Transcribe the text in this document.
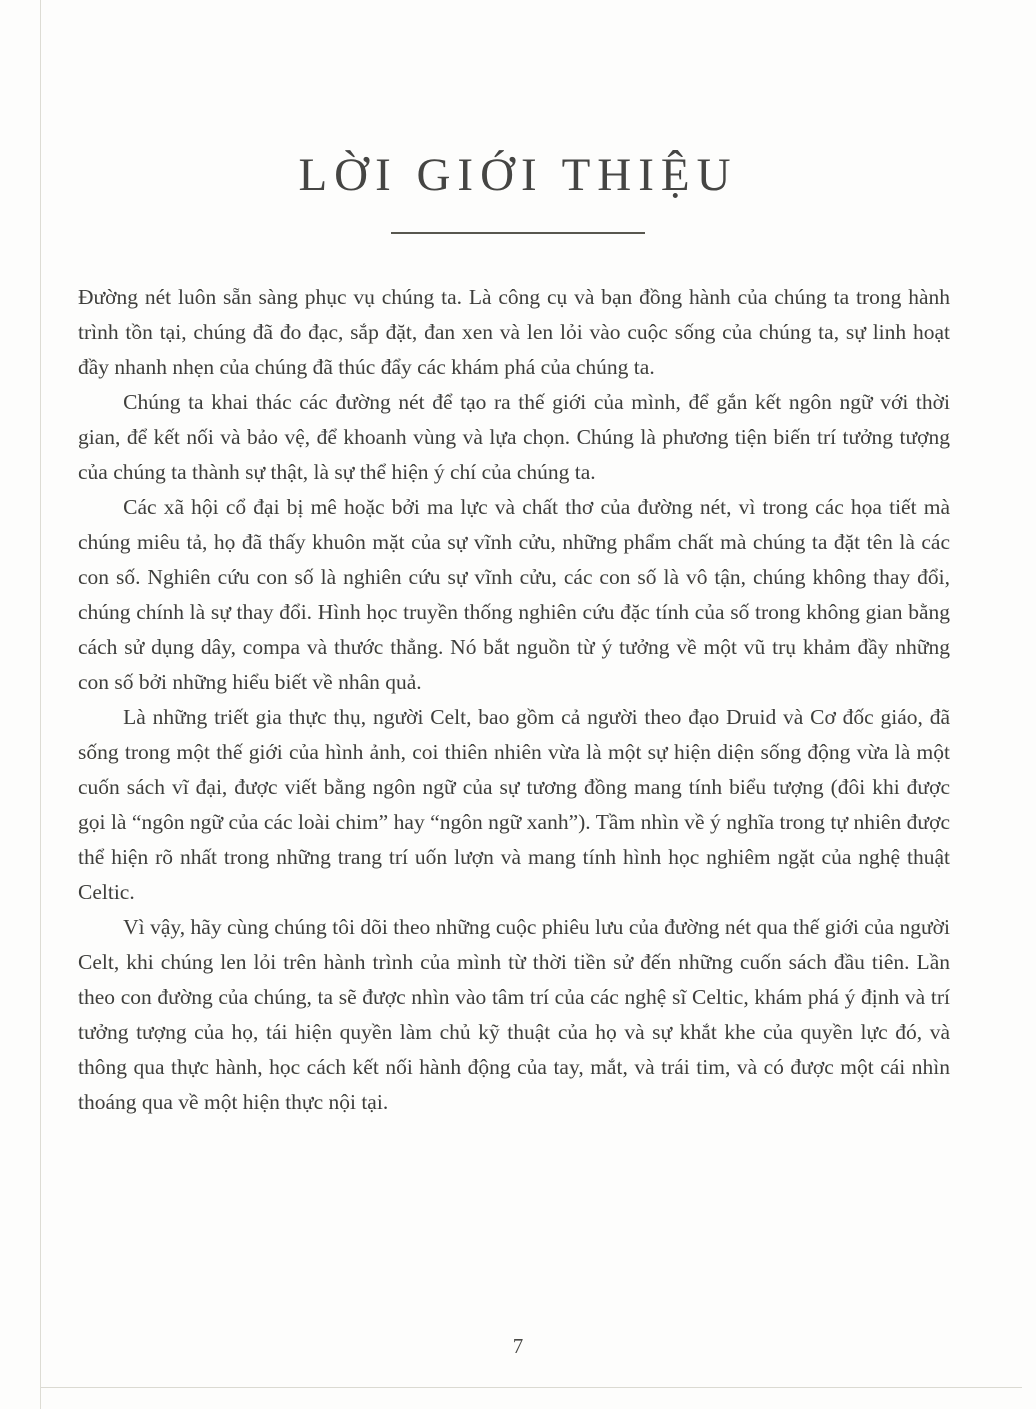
LỜI GIỚI THIỆU

Đường nét luôn sẵn sàng phục vụ chúng ta. Là công cụ và bạn đồng hành của chúng ta trong hành trình tồn tại, chúng đã đo đạc, sắp đặt, đan xen và len lỏi vào cuộc sống của chúng ta, sự linh hoạt đầy nhanh nhẹn của chúng đã thúc đẩy các khám phá của chúng ta.

Chúng ta khai thác các đường nét để tạo ra thế giới của mình, để gắn kết ngôn ngữ với thời gian, để kết nối và bảo vệ, để khoanh vùng và lựa chọn. Chúng là phương tiện biến trí tưởng tượng của chúng ta thành sự thật, là sự thể hiện ý chí của chúng ta.

Các xã hội cổ đại bị mê hoặc bởi ma lực và chất thơ của đường nét, vì trong các họa tiết mà chúng miêu tả, họ đã thấy khuôn mặt của sự vĩnh cửu, những phẩm chất mà chúng ta đặt tên là các con số. Nghiên cứu con số là nghiên cứu sự vĩnh cửu, các con số là vô tận, chúng không thay đổi, chúng chính là sự thay đổi. Hình học truyền thống nghiên cứu đặc tính của số trong không gian bằng cách sử dụng dây, compa và thước thẳng. Nó bắt nguồn từ ý tưởng về một vũ trụ khảm đầy những con số bởi những hiểu biết về nhân quả.

Là những triết gia thực thụ, người Celt, bao gồm cả người theo đạo Druid và Cơ đốc giáo, đã sống trong một thế giới của hình ảnh, coi thiên nhiên vừa là một sự hiện diện sống động vừa là một cuốn sách vĩ đại, được viết bằng ngôn ngữ của sự tương đồng mang tính biểu tượng (đôi khi được gọi là “ngôn ngữ của các loài chim” hay “ngôn ngữ xanh”). Tầm nhìn về ý nghĩa trong tự nhiên được thể hiện rõ nhất trong những trang trí uốn lượn và mang tính hình học nghiêm ngặt của nghệ thuật Celtic.

Vì vậy, hãy cùng chúng tôi dõi theo những cuộc phiêu lưu của đường nét qua thế giới của người Celt, khi chúng len lỏi trên hành trình của mình từ thời tiền sử đến những cuốn sách đầu tiên. Lần theo con đường của chúng, ta sẽ được nhìn vào tâm trí của các nghệ sĩ Celtic, khám phá ý định và trí tưởng tượng của họ, tái hiện quyền làm chủ kỹ thuật của họ và sự khắt khe của quyền lực đó, và thông qua thực hành, học cách kết nối hành động của tay, mắt, và trái tim, và có được một cái nhìn thoáng qua về một hiện thực nội tại.

7
